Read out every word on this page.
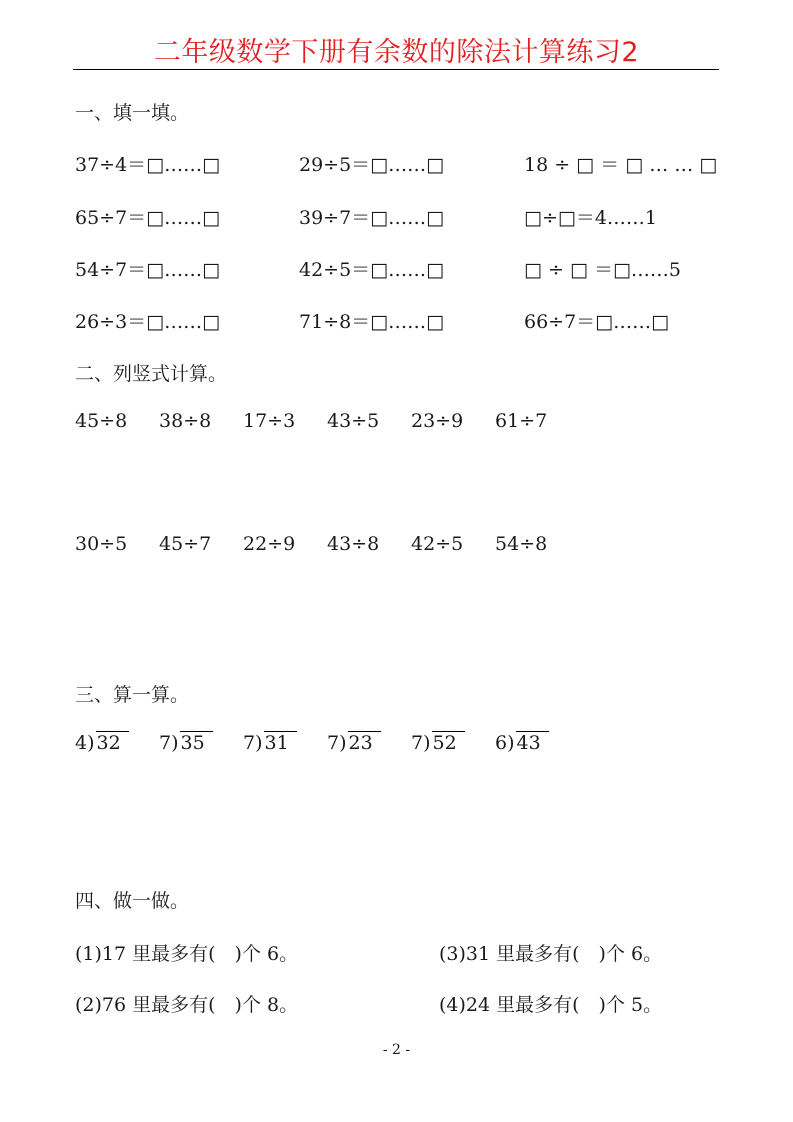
二年级数学下册有余数的除法计算练习2
一、填一填。
37÷4＝□……□	29÷5＝□……□	18 ÷ □ ＝ □ … … □
65÷7＝□……□	39÷7＝□……□	□÷□＝4……1
54÷7＝□……□	42÷5＝□……□	□ ÷ □ ＝□……5
26÷3＝□……□	71÷8＝□……□	66÷7＝□……□
二、列竖式计算。
45÷8 38÷8 17÷3 43÷5 23÷9 61÷7
30÷5 45÷7 22÷9 43÷8 42÷5 54÷8
三、算一算。
4) 32	7) 35	7) 31	7) 23	7) 52	6) 43
四、做一做。
(1)17 里最多有(　)个 6。	(3)31 里最多有(　)个 6。
(2)76 里最多有(　)个 8。	(4)24 里最多有(　)个 5。
- 2 -
